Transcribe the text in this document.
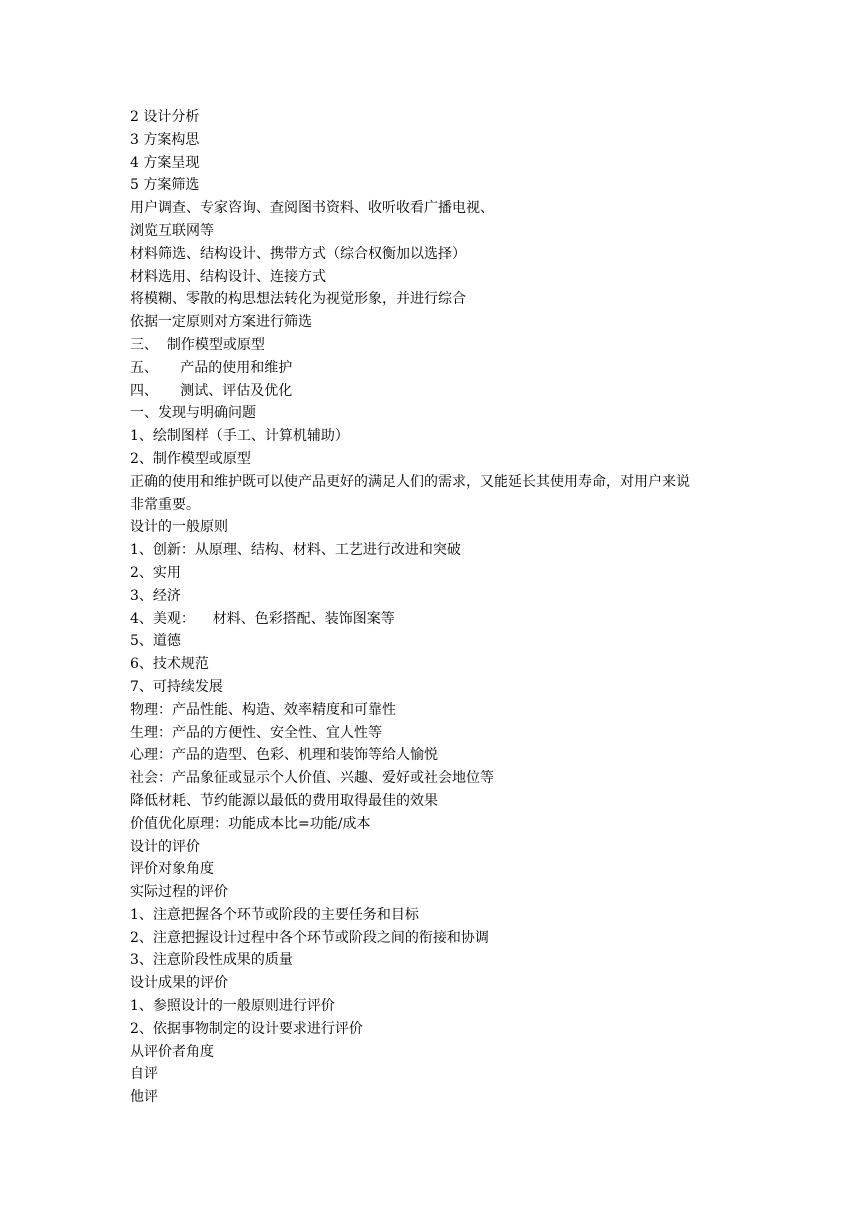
2 设计分析
3 方案构思
4 方案呈现
5 方案筛选
用户调查、专家咨询、查阅图书资料、收听收看广播电视、
浏览互联网等
材料筛选、结构设计、携带方式（综合权衡加以选择）
材料选用、结构设计、连接方式
将模糊、零散的构思想法转化为视觉形象，并进行综合
依据一定原则对方案进行筛选
三、  制作模型或原型
五、     产品的使用和维护
四、     测试、评估及优化
一、发现与明确问题
1、绘制图样（手工、计算机辅助）
2、制作模型或原型
正确的使用和维护既可以使产品更好的满足人们的需求，又能延长其使用寿命，对用户来说
非常重要。
设计的一般原则
1、创新：从原理、结构、材料、工艺进行改进和突破
2、实用
3、经济
4、美观：    材料、色彩搭配、装饰图案等
5、道德
6、技术规范
7、可持续发展
物理：产品性能、构造、效率精度和可靠性
生理：产品的方便性、安全性、宜人性等
心理：产品的造型、色彩、机理和装饰等给人愉悦
社会：产品象征或显示个人价值、兴趣、爱好或社会地位等
降低材耗、节约能源以最低的费用取得最佳的效果
价值优化原理：功能成本比=功能/成本
设计的评价
评价对象角度
实际过程的评价
1、注意把握各个环节或阶段的主要任务和目标
2、注意把握设计过程中各个环节或阶段之间的衔接和协调
3、注意阶段性成果的质量
设计成果的评价
1、参照设计的一般原则进行评价
2、依据事物制定的设计要求进行评价
从评价者角度
自评
他评
